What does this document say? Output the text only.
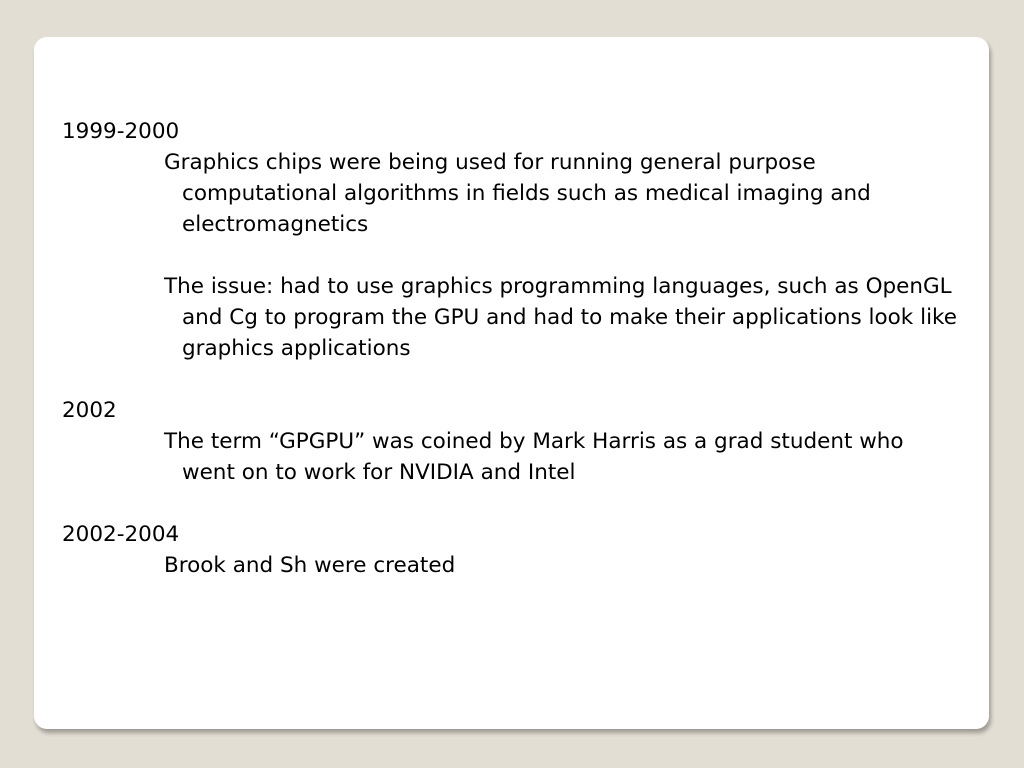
1999-2000

Graphics chips were being used for running general purpose computational algorithms in fields such as medical imaging and electromagnetics

The issue: had to use graphics programming languages, such as OpenGL and Cg to program the GPU and had to make their applications look like graphics applications

2002

The term “GPGPU” was coined by Mark Harris as a grad student who went on to work for NVIDIA and Intel

2002-2004

Brook and Sh were created
